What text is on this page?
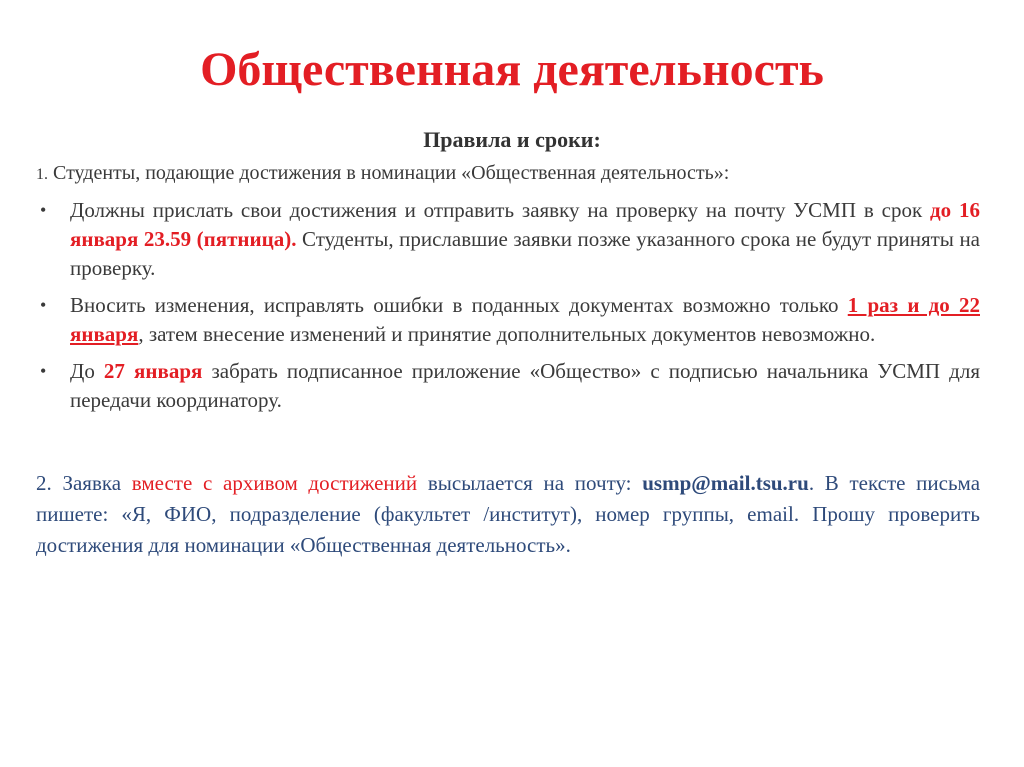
Общественная деятельность
Правила и сроки:
1. Студенты, подающие достижения в номинации «Общественная деятельность»:
• Должны прислать свои достижения и отправить заявку на проверку на почту УСМП в срок до 16 января 23.59 (пятница). Студенты, приславшие заявки позже указанного срока не будут приняты на проверку.
• Вносить изменения, исправлять ошибки в поданных документах возможно только 1 раз и до 22 января, затем внесение изменений и принятие дополнительных документов невозможно.
• До 27 января забрать подписанное приложение «Общество» с подписью начальника УСМП для передачи координатору.
2. Заявка вместе с архивом достижений высылается на почту: usmp@mail.tsu.ru. В тексте письма пишете: «Я, ФИО, подразделение (факультет /институт), номер группы, email. Прошу проверить достижения для номинации «Общественная деятельность».
